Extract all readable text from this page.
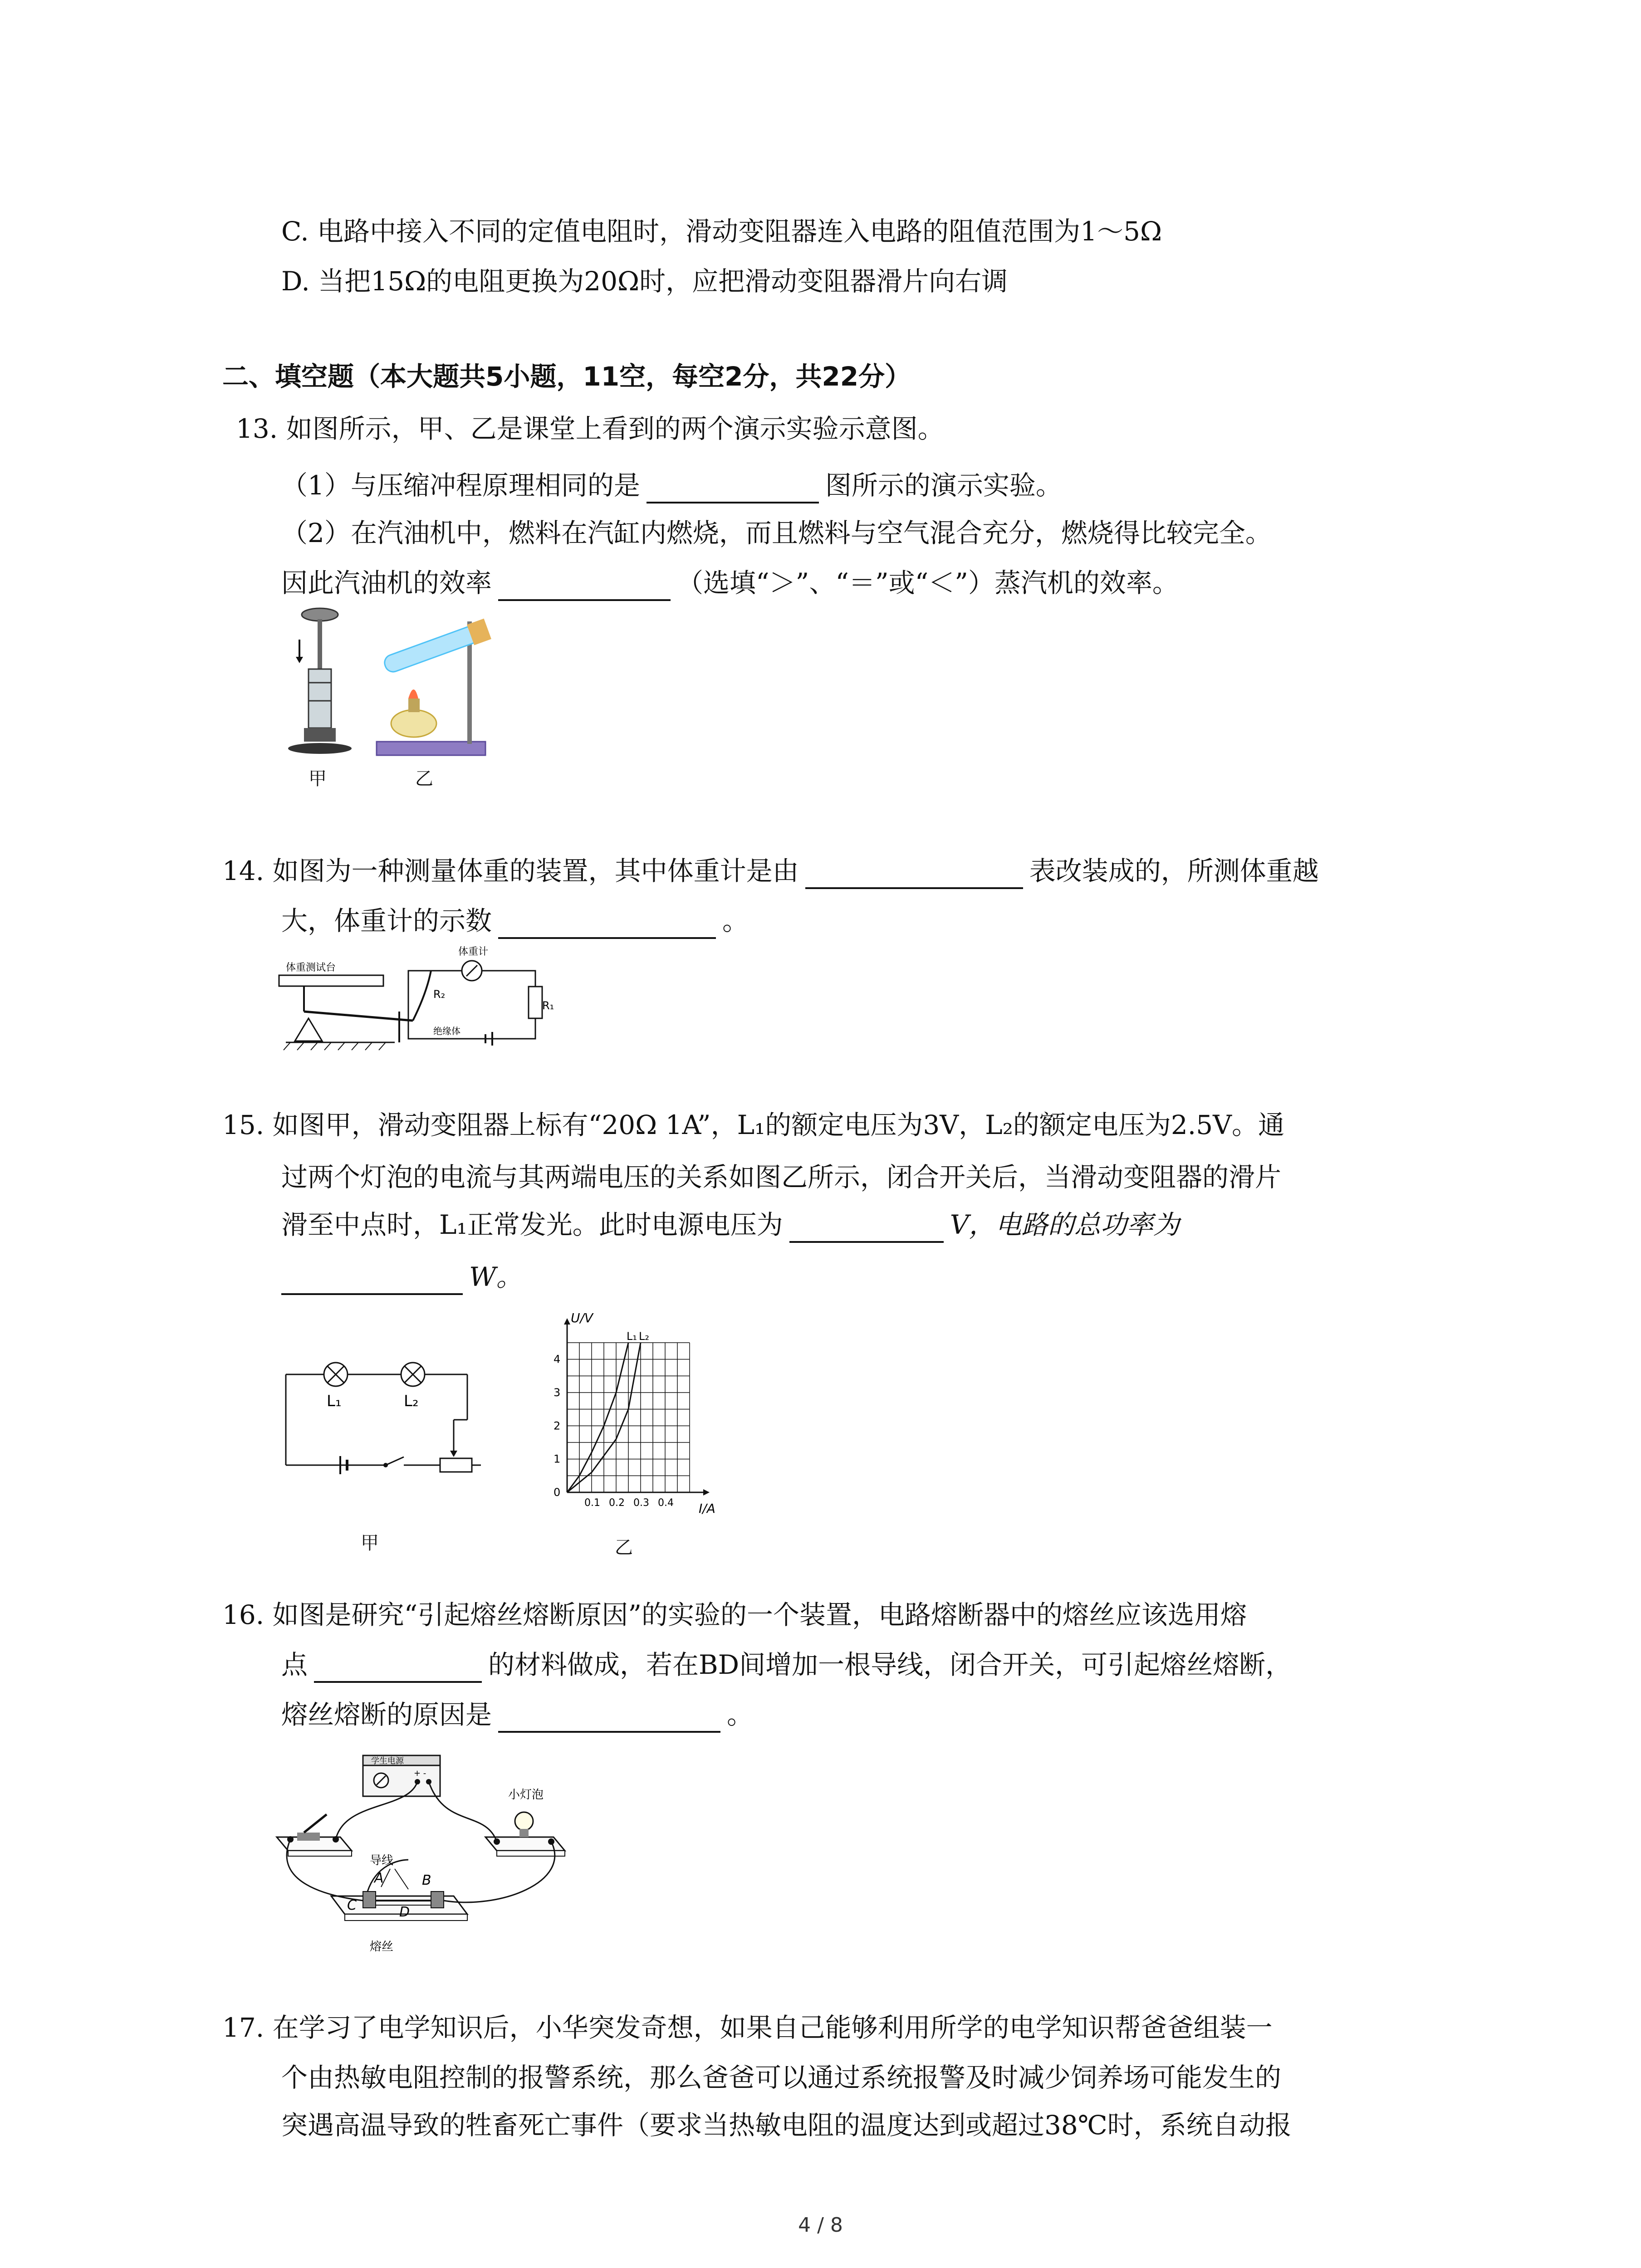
C. 电路中接入不同的定值电阻时，滑动变阻器连入电路的阻值范围为1～5Ω
D. 当把15Ω的电阻更换为20Ω时，应把滑动变阻器滑片向右调
二、填空题（本大题共5小题，11空，每空2分，共22分）
13. 如图所示，甲、乙是课堂上看到的两个演示实验示意图。
（1）与压缩冲程原理相同的是	图所示的演示实验。
（2）在汽油机中，燃料在汽缸内燃烧，而且燃料与空气混合充分，燃烧得比较完全。
因此汽油机的效率	（选填“＞”、“＝”或“＜”）蒸汽机的效率。
甲	乙
14. 如图为一种测量体重的装置，其中体重计是由	表改装成的，所测体重越
大，体重计的示数	。
体重测试台
体重计
R₁
R₂
绝缘体
15. 如图甲，滑动变阻器上标有“20Ω 1A”，L₁的额定电压为3V，L₂的额定电压为2.5V。通
过两个灯泡的电流与其两端电压的关系如图乙所示，闭合开关后，当滑动变阻器的滑片
滑至中点时，L₁正常发光。此时电源电压为	V，电路的总功率为
W。
L₁	L₂
甲
0.1 0.2 0.3 0.4
0
1
2
3
4
I/A
U/V
L₁ L₂
乙
16. 如图是研究“引起熔丝熔断原因”的实验的一个装置，电路熔断器中的熔丝应该选用熔
点	的材料做成，若在BD间增加一根导线，闭合开关，可引起熔丝熔断，
熔丝熔断的原因是	。
学生电源
+ -
小灯泡
A	B
C	D
导线
熔丝
17. 在学习了电学知识后，小华突发奇想，如果自己能够利用所学的电学知识帮爸爸组装一
个由热敏电阻控制的报警系统，那么爸爸可以通过系统报警及时减少饲养场可能发生的
突遇高温导致的牲畜死亡事件（要求当热敏电阻的温度达到或超过38℃时，系统自动报
4 / 8
